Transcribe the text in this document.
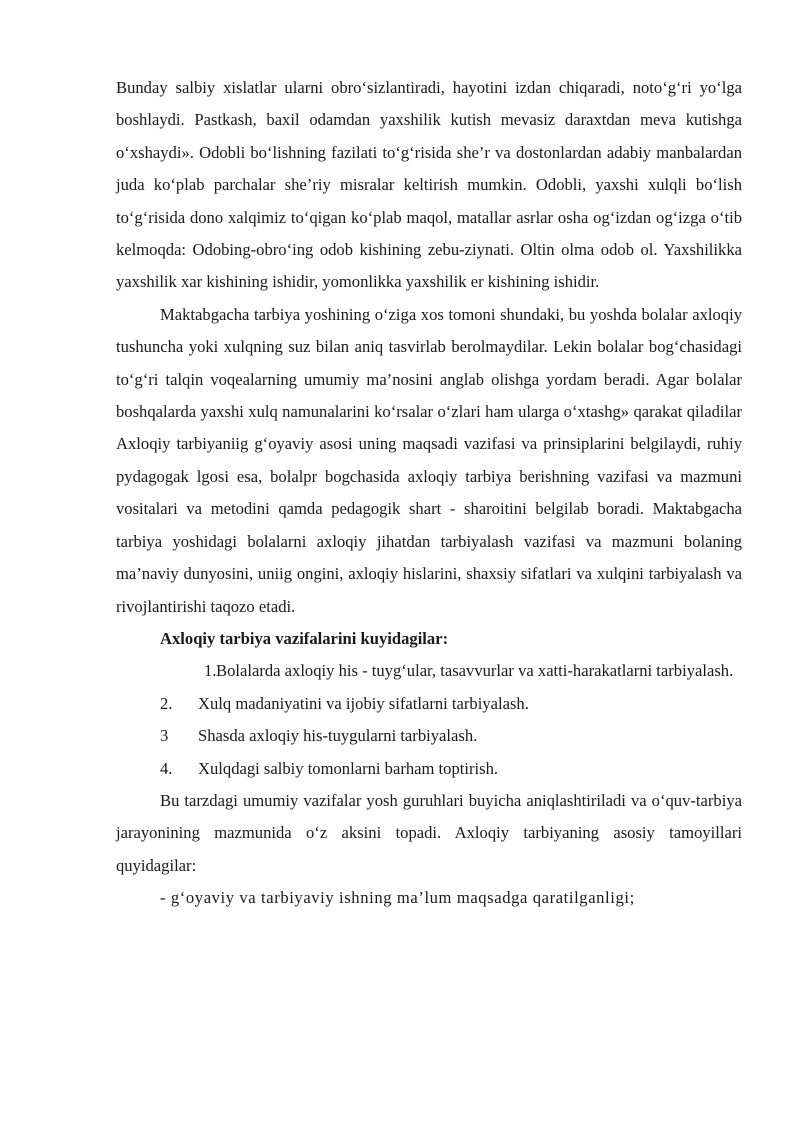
Bunday salbiy xislatlar ularni obro‘sizlantiradi, hayotini izdan chiqaradi, noto‘g‘ri yo‘lga boshlaydi. Pastkash, baxil odamdan yaxshilik kutish mevasiz daraxtdan meva kutishga o‘xshaydi». Odobli bo‘lishning fazilati to‘g‘risida she’r va dostonlardan adabiy manbalardan juda ko‘plab parchalar she’riy misralar keltirish mumkin. Odobli, yaxshi xulqli bo‘lish to‘g‘risida dono xalqimiz to‘qigan ko‘plab maqol, matallar asrlar osha og‘izdan og‘izga o‘tib kelmoqda: Odobing-obro‘ing odob kishining zebu-ziynati. Oltin olma odob ol. Yaxshilikka yaxshilik xar kishining ishidir, yomonlikka yaxshilik er kishining ishidir.

Maktabgacha tarbiya yoshining o‘ziga xos tomoni shundaki, bu yoshda bolalar axloqiy tushuncha yoki xulqning suz bilan aniq tasvirlab berolmaydilar. Lekin bolalar bog‘chasidagi to‘g‘ri talqin voqealarning umumiy ma’nosini anglab olishga yordam beradi. Agar bolalar boshqalarda yaxshi xulq namunalarini ko‘rsalar o‘zlari ham ularga o‘xtashg» qarakat qiladilar Axloqiy tarbiyaniig g‘oyaviy asosi uning maqsadi vazifasi va prinsiplarini belgilaydi, ruhiy pydagogak lgosi esa, bolalpr bogchasida axloqiy tarbiya berishning vazifasi va mazmuni vositalari va metodini qamda pedagogik shart - sharoitini belgilab boradi. Maktabgacha tarbiya yoshidagi bolalarni axloqiy jihatdan tarbiyalash vazifasi va mazmuni bolaning ma’naviy dunyosini, uniig ongini, axloqiy hislarini, shaxsiy sifatlari va xulqini tarbiyalash va rivojlantirishi taqozo etadi.

Axloqiy tarbiya vazifalarini kuyidagilar:

1.Bolalarda axloqiy his - tuyg‘ular, tasavvurlar va xatti-harakatlarni tarbiyalash.

2. Xulq madaniyatini va ijobiy sifatlarni tarbiyalash.

3 Shasda axloqiy his-tuygularni tarbiyalash.

4. Xulqdagi salbiy tomonlarni barham toptirish.

Bu tarzdagi umumiy vazifalar yosh guruhlari buyicha aniqlashtiriladi va o‘quv-tarbiya jarayonining mazmunida o‘z aksini topadi. Axloqiy tarbiyaning asosiy tamoyillari quyidagilar:

- g‘oyaviy va tarbiyaviy ishning ma’lum maqsadga qaratilganligi;
